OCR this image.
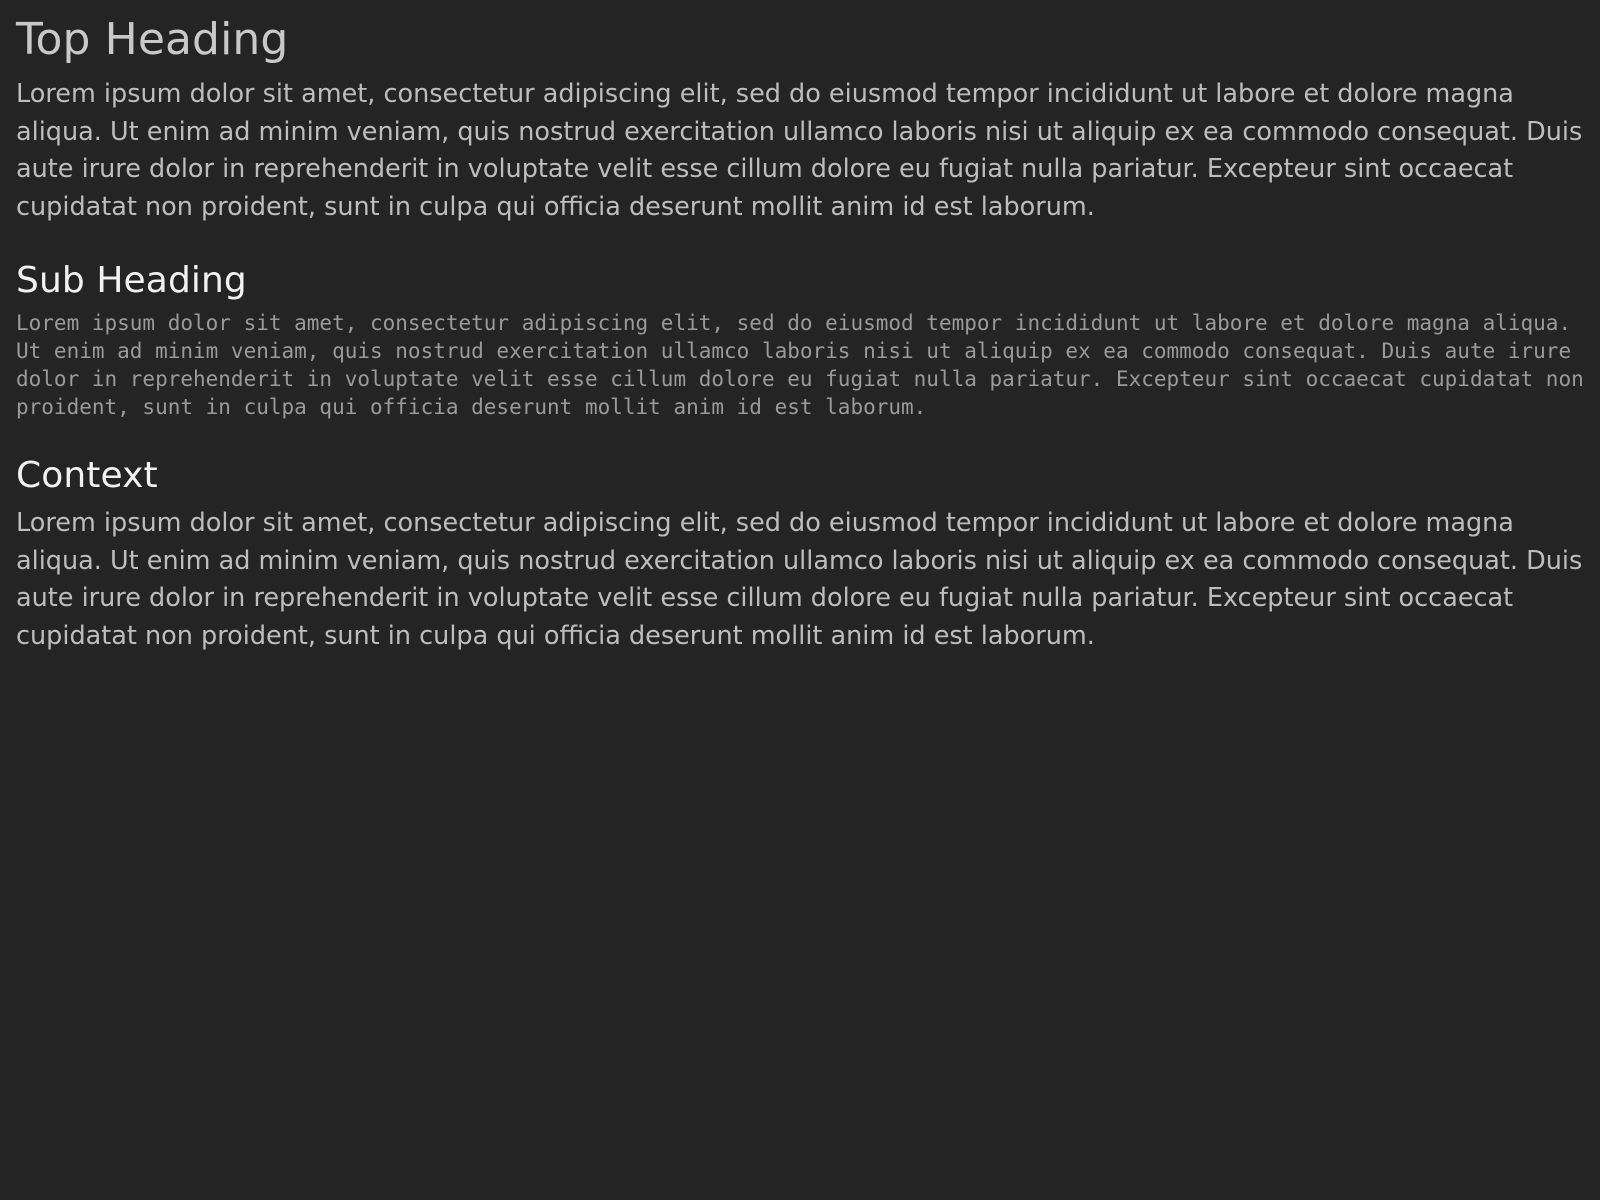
Top Heading

Lorem ipsum dolor sit amet, consectetur adipiscing elit, sed do eiusmod tempor incididunt ut labore et dolore magna aliqua. Ut enim ad minim veniam, quis nostrud exercitation ullamco laboris nisi ut aliquip ex ea commodo consequat. Duis aute irure dolor in reprehenderit in voluptate velit esse cillum dolore eu fugiat nulla pariatur. Excepteur sint occaecat cupidatat non proident, sunt in culpa qui officia deserunt mollit anim id est laborum.

Sub Heading

Lorem ipsum dolor sit amet, consectetur adipiscing elit, sed do eiusmod tempor incididunt ut labore et dolore magna aliqua. Ut enim ad minim veniam, quis nostrud exercitation ullamco laboris nisi ut aliquip ex ea commodo consequat. Duis aute irure dolor in reprehenderit in voluptate velit esse cillum dolore eu fugiat nulla pariatur. Excepteur sint occaecat cupidatat non proident, sunt in culpa qui officia deserunt mollit anim id est laborum.

Context

Lorem ipsum dolor sit amet, consectetur adipiscing elit, sed do eiusmod tempor incididunt ut labore et dolore magna aliqua. Ut enim ad minim veniam, quis nostrud exercitation ullamco laboris nisi ut aliquip ex ea commodo consequat. Duis aute irure dolor in reprehenderit in voluptate velit esse cillum dolore eu fugiat nulla pariatur. Excepteur sint occaecat cupidatat non proident, sunt in culpa qui officia deserunt mollit anim id est laborum.
